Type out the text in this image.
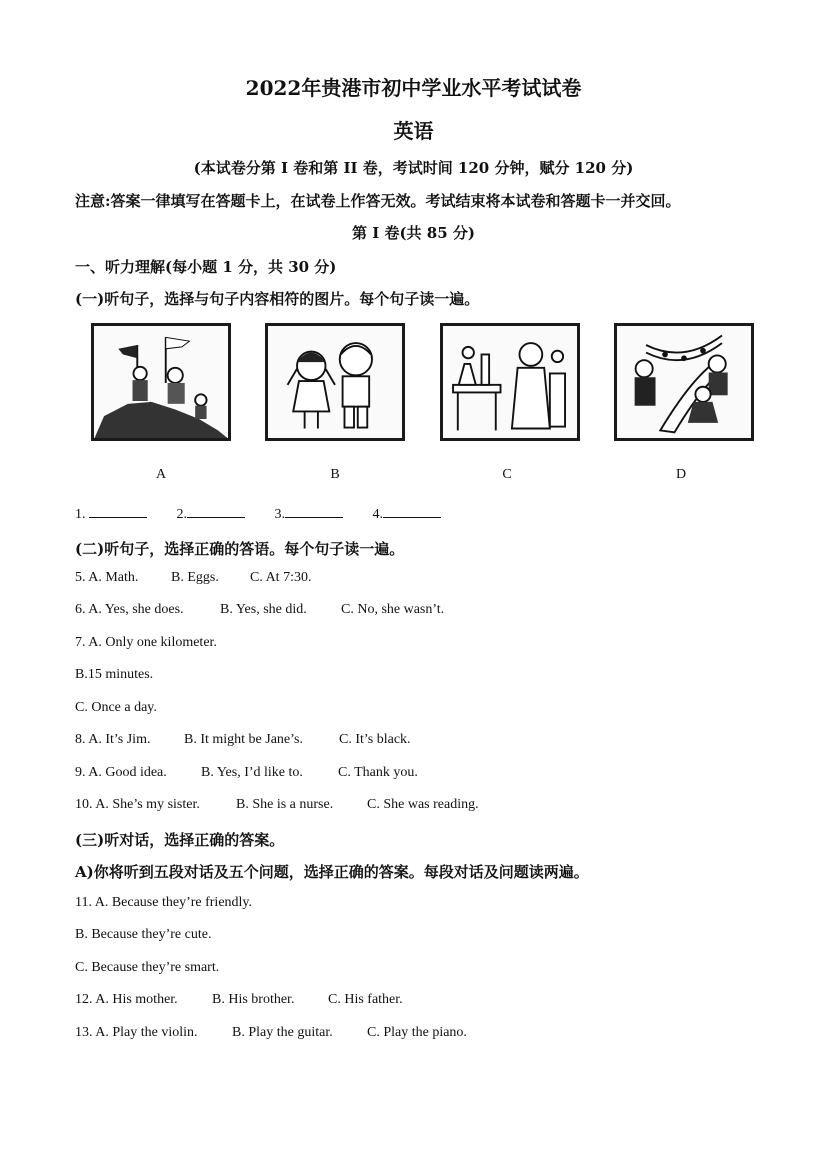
2022年贵港市初中学业水平考试试卷
英语
(本试卷分第 I 卷和第 II 卷，考试时间 120 分钟，赋分 120 分)
注意:答案一律填写在答题卡上，在试卷上作答无效。考试结束将本试卷和答题卡一并交回。
第 I 卷(共 85 分)
一、听力理解(每小题 1 分，共 30 分)
(一)听句子，选择与句子内容相符的图片。每个句子读一遍。
A	B	C	D
1.	2.	3.	4.
(二)听句子，选择正确的答语。每个句子读一遍。
5. A. Math. B. Eggs. C. At 7:30.
6. A. Yes, she does.	B. Yes, she did. C. No, she wasn’t.
7. A. Only one kilometer.
B.15 minutes.
C. Once a day.
8. A. It’s Jim. B. It might be Jane’s.	C. It’s black.
9. A. Good idea. B. Yes, I’d like to.	C. Thank you.
10. A. She’s my sister.	B. She is a nurse. C. She was reading.
(三)听对话，选择正确的答案。
A)你将听到五段对话及五个问题，选择正确的答案。每段对话及问题读两遍。
11. A. Because they’re friendly.
B. Because they’re cute.
C. Because they’re smart.
12. A. His mother. B. His brother. C. His father.
13. A. Play the violin. B. Play the guitar. C. Play the piano.
